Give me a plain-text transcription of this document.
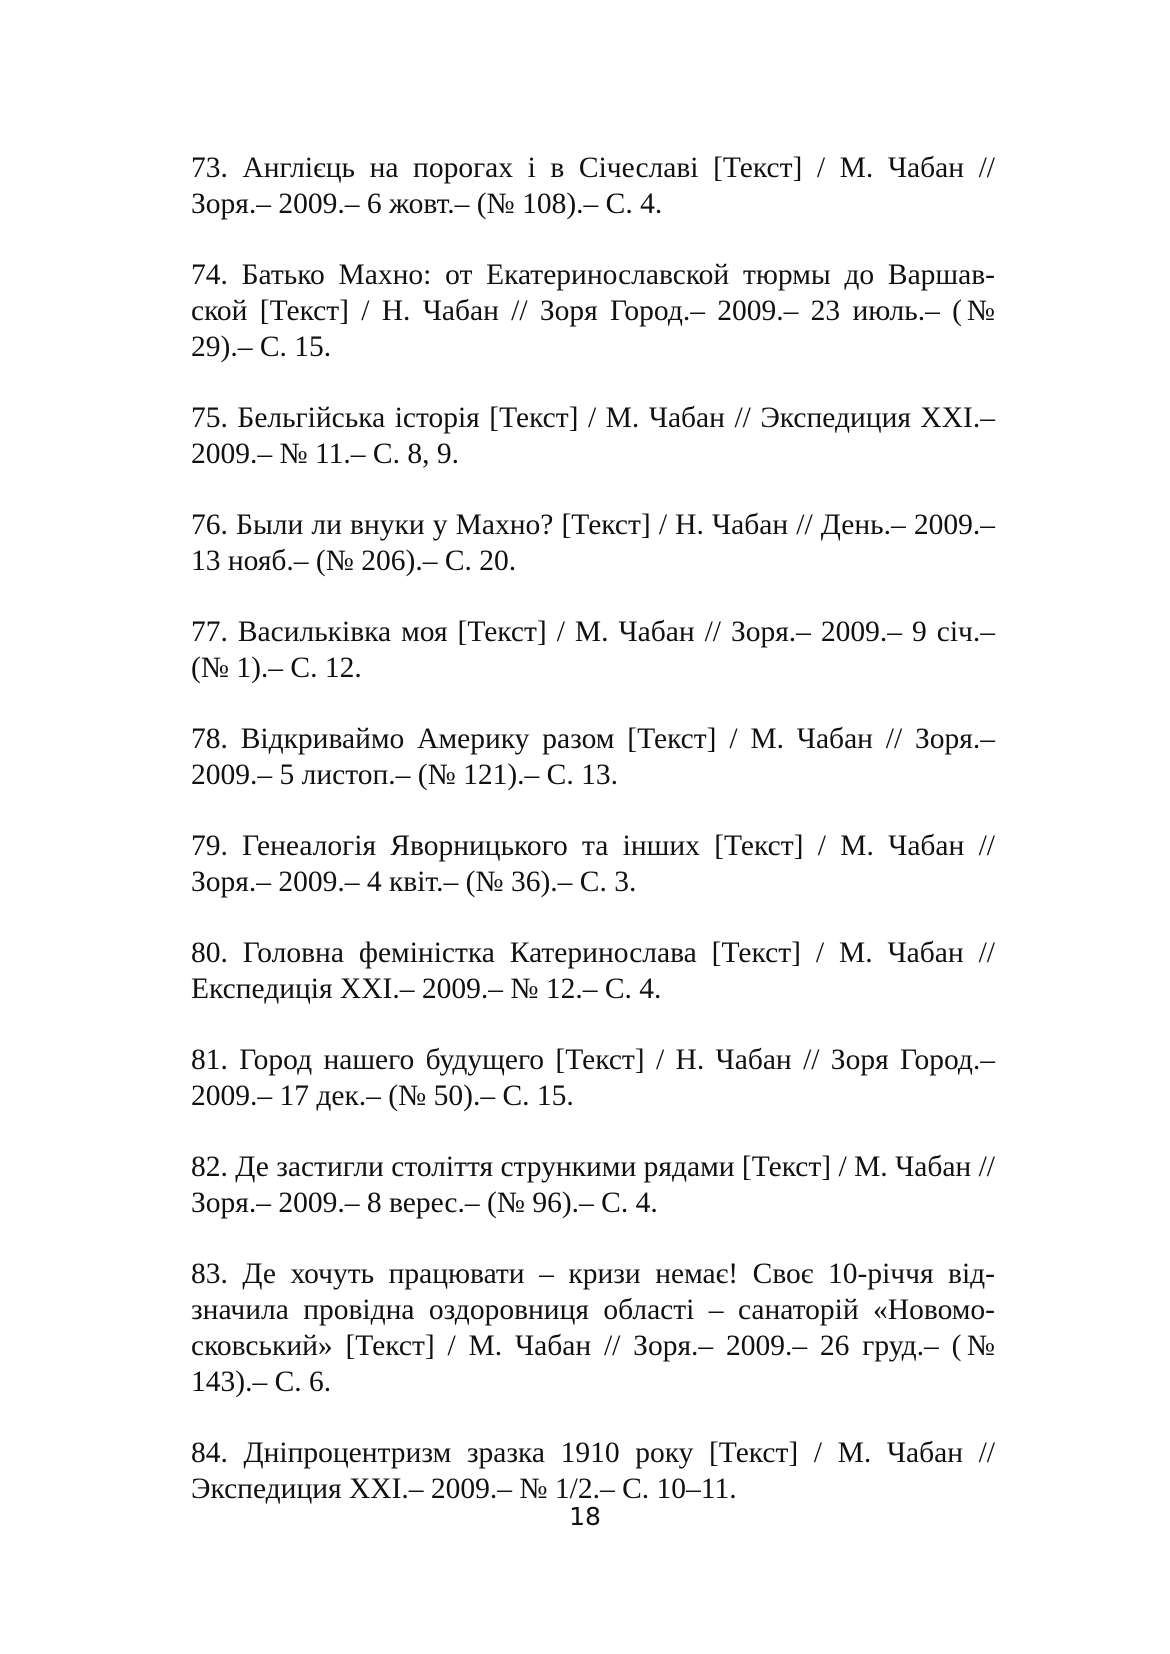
73. Англієць на порогах і в Січеславі [Текст] / М. Чабан // Зоря.– 2009.– 6 жовт.– (№ 108).– С. 4.
74. Батько Махно: от Екатеринославской тюрмы до Варшавской [Текст] / Н. Чабан // Зоря Город.– 2009.– 23 июль.– (№ 29).– С. 15.
75. Бельгійська історія [Текст] / М. Чабан // Экспедиция XXI.– 2009.– № 11.– С. 8, 9.
76. Были ли внуки у Махно? [Текст] / Н. Чабан // День.– 2009.– 13 нояб.– (№ 206).– С. 20.
77. Васильківка моя [Текст] / М. Чабан // Зоря.– 2009.– 9 січ.– (№ 1).– С. 12.
78. Відкриваймо Америку разом [Текст] / М. Чабан // Зоря.– 2009.– 5 листоп.– (№ 121).– С. 13.
79. Генеалогія Яворницького та інших [Текст] / М. Чабан // Зоря.– 2009.– 4 квіт.– (№ 36).– С. 3.
80. Головна феміністка Катеринослава [Текст] / М. Чабан // Експедиція XXI.– 2009.– № 12.– С. 4.
81. Город нашего будущего [Текст] / Н. Чабан // Зоря Город.– 2009.– 17 дек.– (№ 50).– С. 15.
82. Де застигли століття стрункими рядами [Текст] / М. Чабан // Зоря.– 2009.– 8 верес.– (№ 96).– С. 4.
83. Де хочуть працювати – кризи немає! Своє 10-річчя відзначила провідна оздоровниця області – санаторій «Новомосковський» [Текст] / М. Чабан // Зоря.– 2009.– 26 груд.– (№ 143).– С. 6.
84. Дніпроцентризм зразка 1910 року [Текст] / М. Чабан // Экспедиция XXI.– 2009.– № 1/2.– С. 10–11.
18
